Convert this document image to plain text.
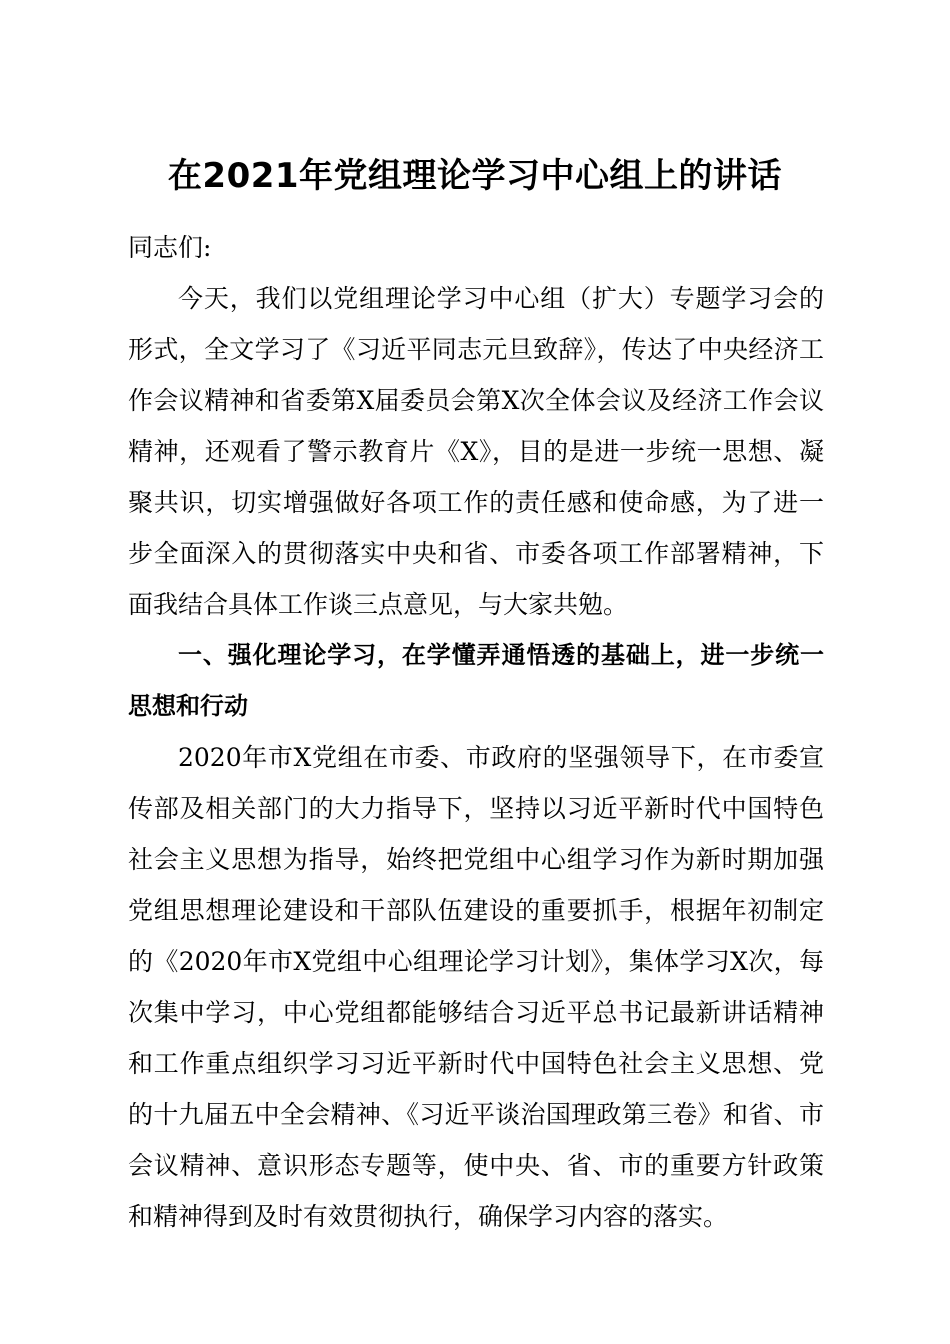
在2021年党组理论学习中心组上的讲话

同志们:

今天，我们以党组理论学习中心组（扩大）专题学习会的形式，全文学习了《习近平同志元旦致辞》，传达了中央经济工作会议精神和省委第X届委员会第X次全体会议及经济工作会议精神，还观看了警示教育片《X》，目的是进一步统一思想、凝聚共识，切实增强做好各项工作的责任感和使命感，为了进一步全面深入的贯彻落实中央和省、市委各项工作部署精神，下面我结合具体工作谈三点意见，与大家共勉。

一、强化理论学习，在学懂弄通悟透的基础上，进一步统一思想和行动

2020年市X党组在市委、市政府的坚强领导下，在市委宣传部及相关部门的大力指导下，坚持以习近平新时代中国特色社会主义思想为指导，始终把党组中心组学习作为新时期加强党组思想理论建设和干部队伍建设的重要抓手，根据年初制定的《2020年市X党组中心组理论学习计划》，集体学习X次，每次集中学习，中心党组都能够结合习近平总书记最新讲话精神和工作重点组织学习习近平新时代中国特色社会主义思想、党的十九届五中全会精神、《习近平谈治国理政第三卷》和省、市会议精神、意识形态专题等，使中央、省、市的重要方针政策和精神得到及时有效贯彻执行，确保学习内容的落实。
